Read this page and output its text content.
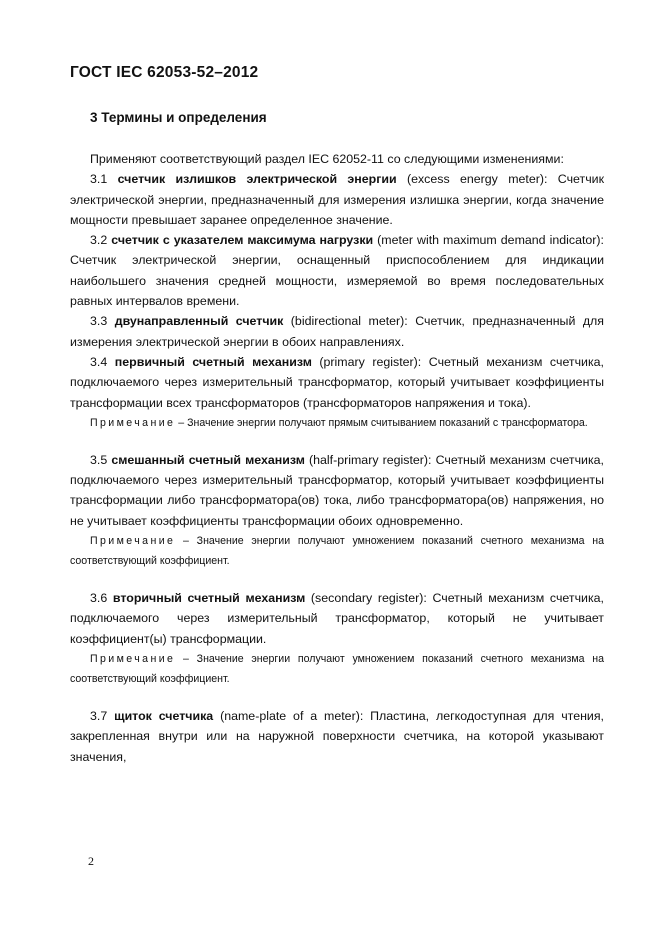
ГОСТ IEC 62053-52–2012
3 Термины и определения

Применяют соответствующий раздел IEC 62052-11 со следующими изменениями:

3.1 счетчик излишков электрической энергии (excess energy meter): Счетчик электрической энергии, предназначенный для измерения излишка энергии, когда значение мощности превышает заранее определенное значение.

3.2 счетчик с указателем максимума нагрузки (meter with maximum demand indicator): Счетчик электрической энергии, оснащенный приспособлением для индикации наибольшего значения средней мощности, измеряемой во время последовательных равных интервалов времени.

3.3 двунаправленный счетчик (bidirectional meter): Счетчик, предназначенный для измерения электрической энергии в обоих направлениях.

3.4 первичный счетный механизм (primary register): Счетный механизм счетчика, подключаемого через измерительный трансформатор, который учитывает коэффициенты трансформации всех трансформаторов (трансформаторов напряжения и тока).

Примечание – Значение энергии получают прямым считыванием показаний с трансформатора.

3.5 смешанный счетный механизм (half-primary register): Счетный механизм счетчика, подключаемого через измерительный трансформатор, который учитывает коэффициенты трансформации либо трансформатора(ов) тока, либо трансформатора(ов) напряжения, но не учитывает коэффициенты трансформации обоих одновременно.

Примечание – Значение энергии получают умножением показаний счетного механизма на соответствующий коэффициент.

3.6 вторичный счетный механизм (secondary register): Счетный механизм счетчика, подключаемого через измерительный трансформатор, который не учитывает коэффициент(ы) трансформации.

Примечание – Значение энергии получают умножением показаний счетного механизма на соответствующий коэффициент.

3.7 щиток счетчика (name-plate of a meter): Пластина, легкодоступная для чтения, закрепленная внутри или на наружной поверхности счетчика, на которой указывают значения,

2
